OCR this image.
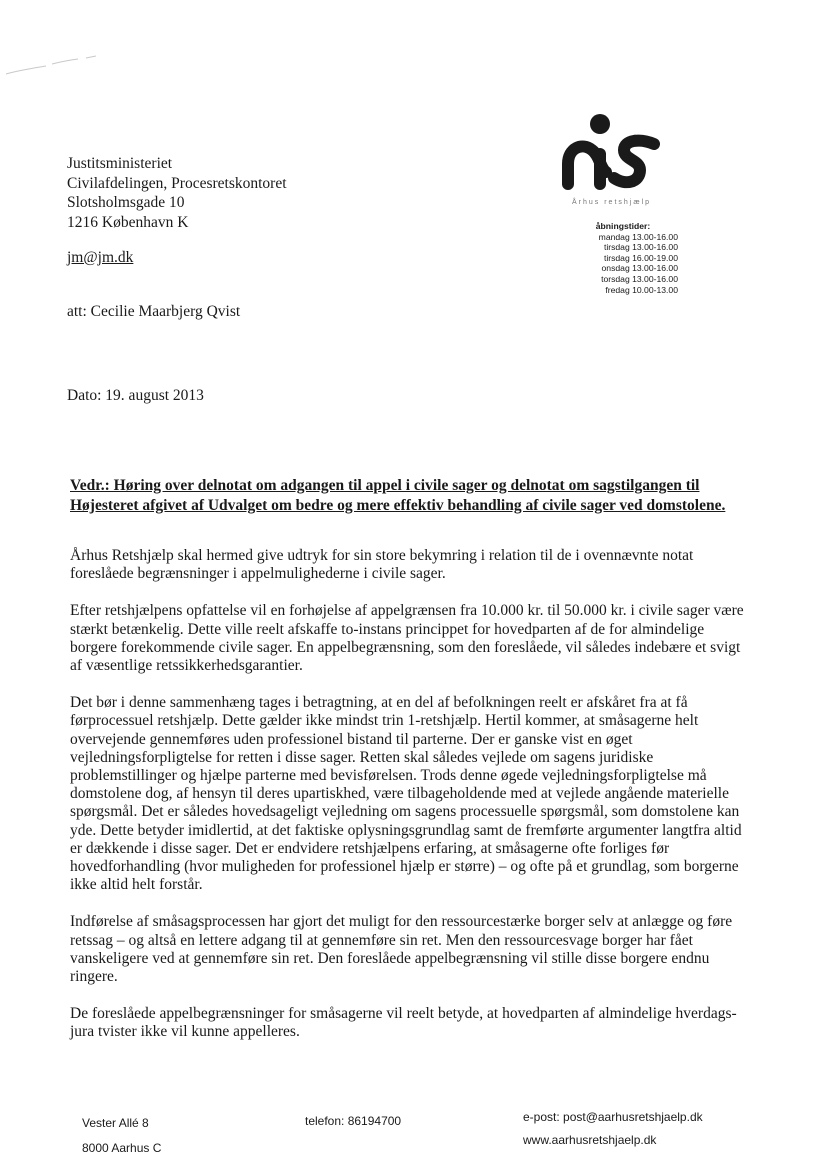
Justitsministeriet
Civilafdelingen, Procesretskontoret
Slotsholmsgade 10
1216 København K
jm@jm.dk
att: Cecilie Maarbjerg Qvist
Dato: 19. august 2013
Århus retshjælp
åbningstider:
mandag 13.00-16.00
tirsdag 13.00-16.00
tirsdag 16.00-19.00
onsdag 13.00-16.00
torsdag 13.00-16.00
fredag 10.00-13.00
Vedr.: Høring over delnotat om adgangen til appel i civile sager og delnotat om sagstilgangen til Højesteret afgivet af Udvalget om bedre og mere effektiv behandling af civile sager ved domstolene.

Århus Retshjælp skal hermed give udtryk for sin store bekymring i relation til de i ovennævnte notat foreslåede begrænsninger i appelmulighederne i civile sager.

Efter retshjælpens opfattelse vil en forhøjelse af appelgrænsen fra 10.000 kr. til 50.000 kr. i civile sager være stærkt betænkelig. Dette ville reelt afskaffe to-instans princippet for hovedparten af de for almindelige borgere forekommende civile sager. En appelbegrænsning, som den foreslåede, vil således indebære et svigt af væsentlige retssikkerhedsgarantier.

Det bør i denne sammenhæng tages i betragtning, at en del af befolkningen reelt er afskåret fra at få førprocessuel retshjælp. Dette gælder ikke mindst trin 1-retshjælp. Hertil kommer, at småsagerne helt overvejende gennemføres uden professionel bistand til parterne. Der er ganske vist en øget vejledningsforpligtelse for retten i disse sager. Retten skal således vejlede om sagens juridiske problemstillinger og hjælpe parterne med bevisførelsen. Trods denne øgede vejledningsforpligtelse må domstolene dog, af hensyn til deres upartiskhed, være tilbageholdende med at vejlede angående materielle spørgsmål. Det er således hovedsageligt vejledning om sagens processuelle spørgsmål, som domstolene kan yde. Dette betyder imidlertid, at det faktiske oplysningsgrundlag samt de fremførte argumenter langtfra altid er dækkende i disse sager. Det er endvidere retshjælpens erfaring, at småsagerne ofte forliges før hovedforhandling (hvor muligheden for professionel hjælp er større) – og ofte på et grundlag, som borgerne ikke altid helt forstår.

Indførelse af småsagsprocessen har gjort det muligt for den ressourcestærke borger selv at anlægge og føre retssag – og altså en lettere adgang til at gennemføre sin ret. Men den ressourcesvage borger har fået vanskeligere ved at gennemføre sin ret. Den foreslåede appelbegrænsning vil stille disse borgere endnu ringere.

De foreslåede appelbegrænsninger for småsagerne vil reelt betyde, at hovedparten af almindelige hverdags-jura tvister ikke vil kunne appelleres.

Vester Allé 8
8000 Aarhus C
telefon: 86194700	e-post: post@aarhusretshjaelp.dk
www.aarhusretshjaelp.dk
